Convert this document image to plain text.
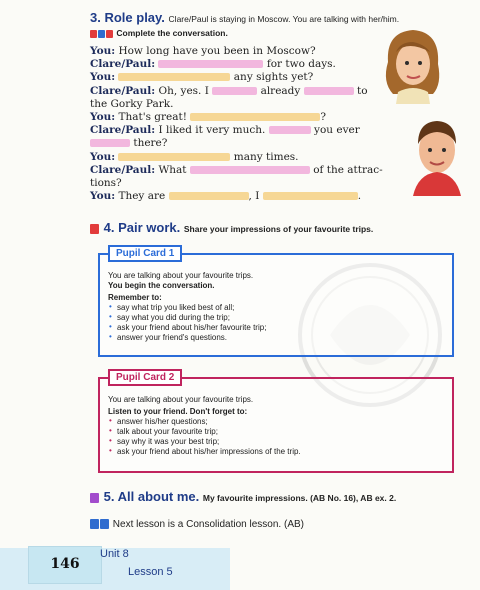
3. Role play. Clare/Paul is staying in Moscow. You are talking with her/him.
Complete the conversation.
You: How long have you been in Moscow?
Clare/Paul:	for two days.
You:	any sights yet?
Clare/Paul: Oh, yes. I	already	to
the Gorky Park.
You: That's great!	?
Clare/Paul: I liked it very much.	you ever
there?
You:	many times.
Clare/Paul: What	of the attrac-
tions?
You: They are	, I	.
4. Pair work. Share your impressions of your favourite trips.
Pupil Card 1
You are talking about your favourite trips.
You begin the conversation.
Remember to:
• say what trip you liked best of all;
• say what you did during the trip;
• ask your friend about his/her favourite trip;
• answer your friend's questions.
Pupil Card 2
You are talking about your favourite trips.
Listen to your friend. Don't forget to:
• answer his/her questions;
• talk about your favourite trip;
• say why it was your best trip;
• ask your friend about his/her impressions of the trip.
5. All about me. My favourite impressions. (AB No. 16), AB ex. 2.
Next lesson is a Consolidation lesson. (AB)
146
Unit 8
Lesson 5
